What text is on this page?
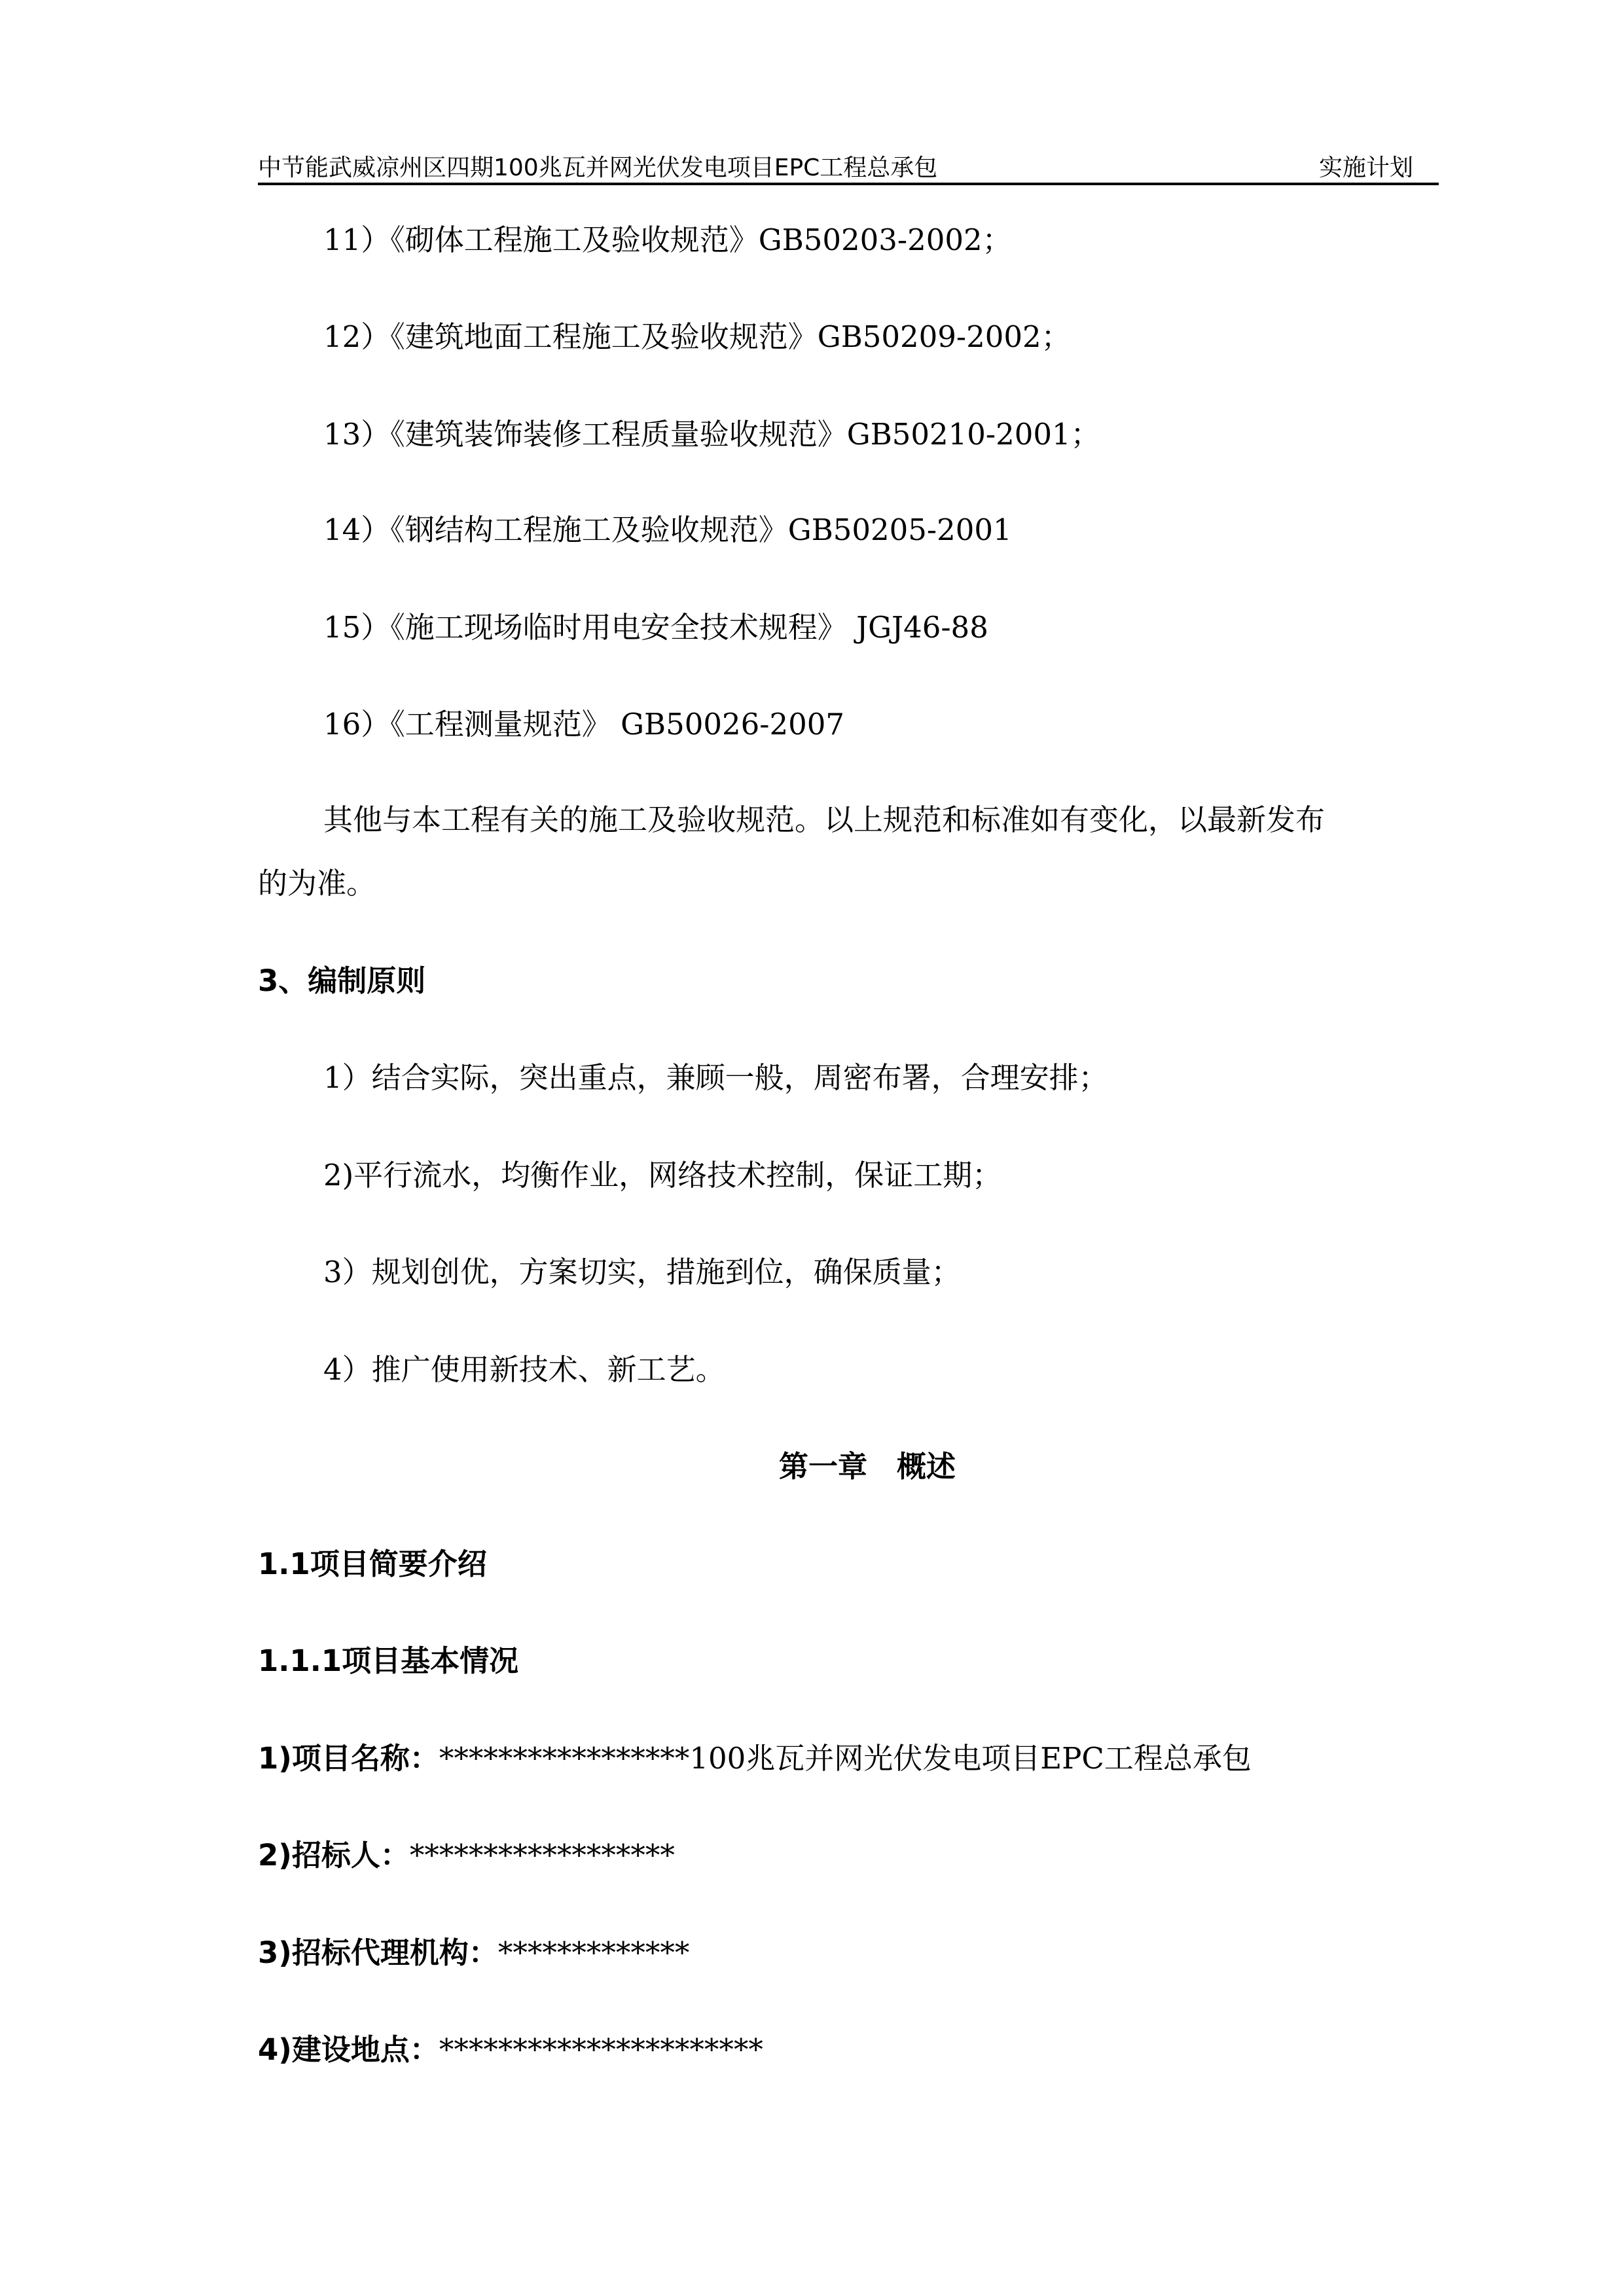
中节能武威凉州区四期100兆瓦并网光伏发电项目EPC工程总承包	实施计划
11）《砌体工程施工及验收规范》GB50203-2002；
12）《建筑地面工程施工及验收规范》GB50209-2002；
13）《建筑装饰装修工程质量验收规范》GB50210-2001；
14）《钢结构工程施工及验收规范》GB50205-2001
15）《施工现场临时用电安全技术规程》 JGJ46-88
16）《工程测量规范》 GB50026-2007
其他与本工程有关的施工及验收规范。以上规范和标准如有变化，以最新发布
的为准。
3、编制原则
1）结合实际，突出重点，兼顾一般，周密布署，合理安排；
2)平行流水，均衡作业，网络技术控制，保证工期；
3）规划创优，方案切实，措施到位，确保质量；
4）推广使用新技术、新工艺。
第一章　概述
1.1项目简要介绍
1.1.1项目基本情况
1)项目名称：*****************100兆瓦并网光伏发电项目EPC工程总承包
2)招标人：******************
3)招标代理机构：*************
4)建设地点：**********************
